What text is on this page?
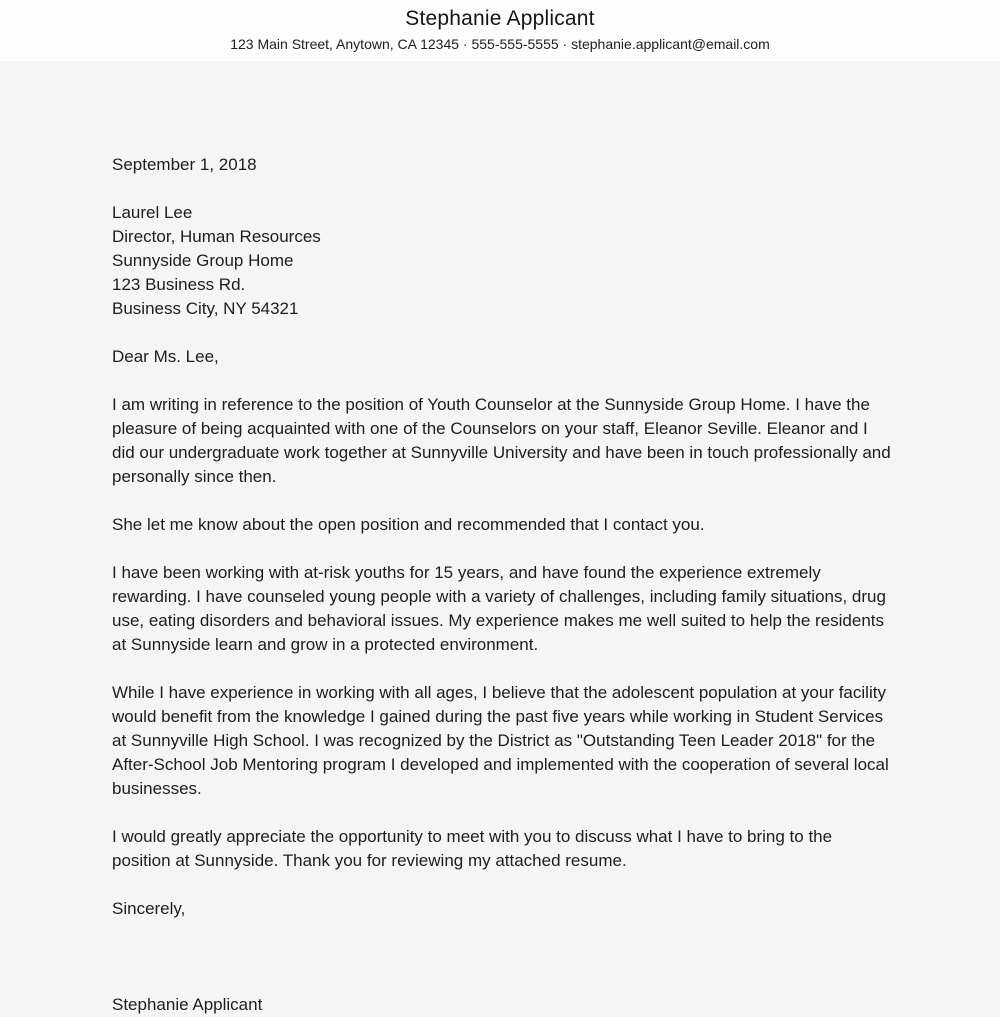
Stephanie Applicant
123 Main Street, Anytown, CA 12345 · 555-555-5555 · stephanie.applicant@email.com

September 1, 2018

Laurel Lee

Director, Human Resources

Sunnyside Group Home

123 Business Rd.

Business City, NY 54321

Dear Ms. Lee,

I am writing in reference to the position of Youth Counselor at the Sunnyside Group Home. I have the pleasure of being acquainted with one of the Counselors on your staff, Eleanor Seville. Eleanor and I did our undergraduate work together at Sunnyville University and have been in touch professionally and personally since then.

She let me know about the open position and recommended that I contact you.

I have been working with at-risk youths for 15 years, and have found the experience extremely rewarding. I have counseled young people with a variety of challenges, including family situations, drug use, eating disorders and behavioral issues. My experience makes me well suited to help the residents at Sunnyside learn and grow in a protected environment.

While I have experience in working with all ages, I believe that the adolescent population at your facility would benefit from the knowledge I gained during the past five years while working in Student Services at Sunnyville High School. I was recognized by the District as "Outstanding Teen Leader 2018" for the After-School Job Mentoring program I developed and implemented with the cooperation of several local businesses.

I would greatly appreciate the opportunity to meet with you to discuss what I have to bring to the position at Sunnyside. Thank you for reviewing my attached resume.

Sincerely,

Stephanie Applicant
